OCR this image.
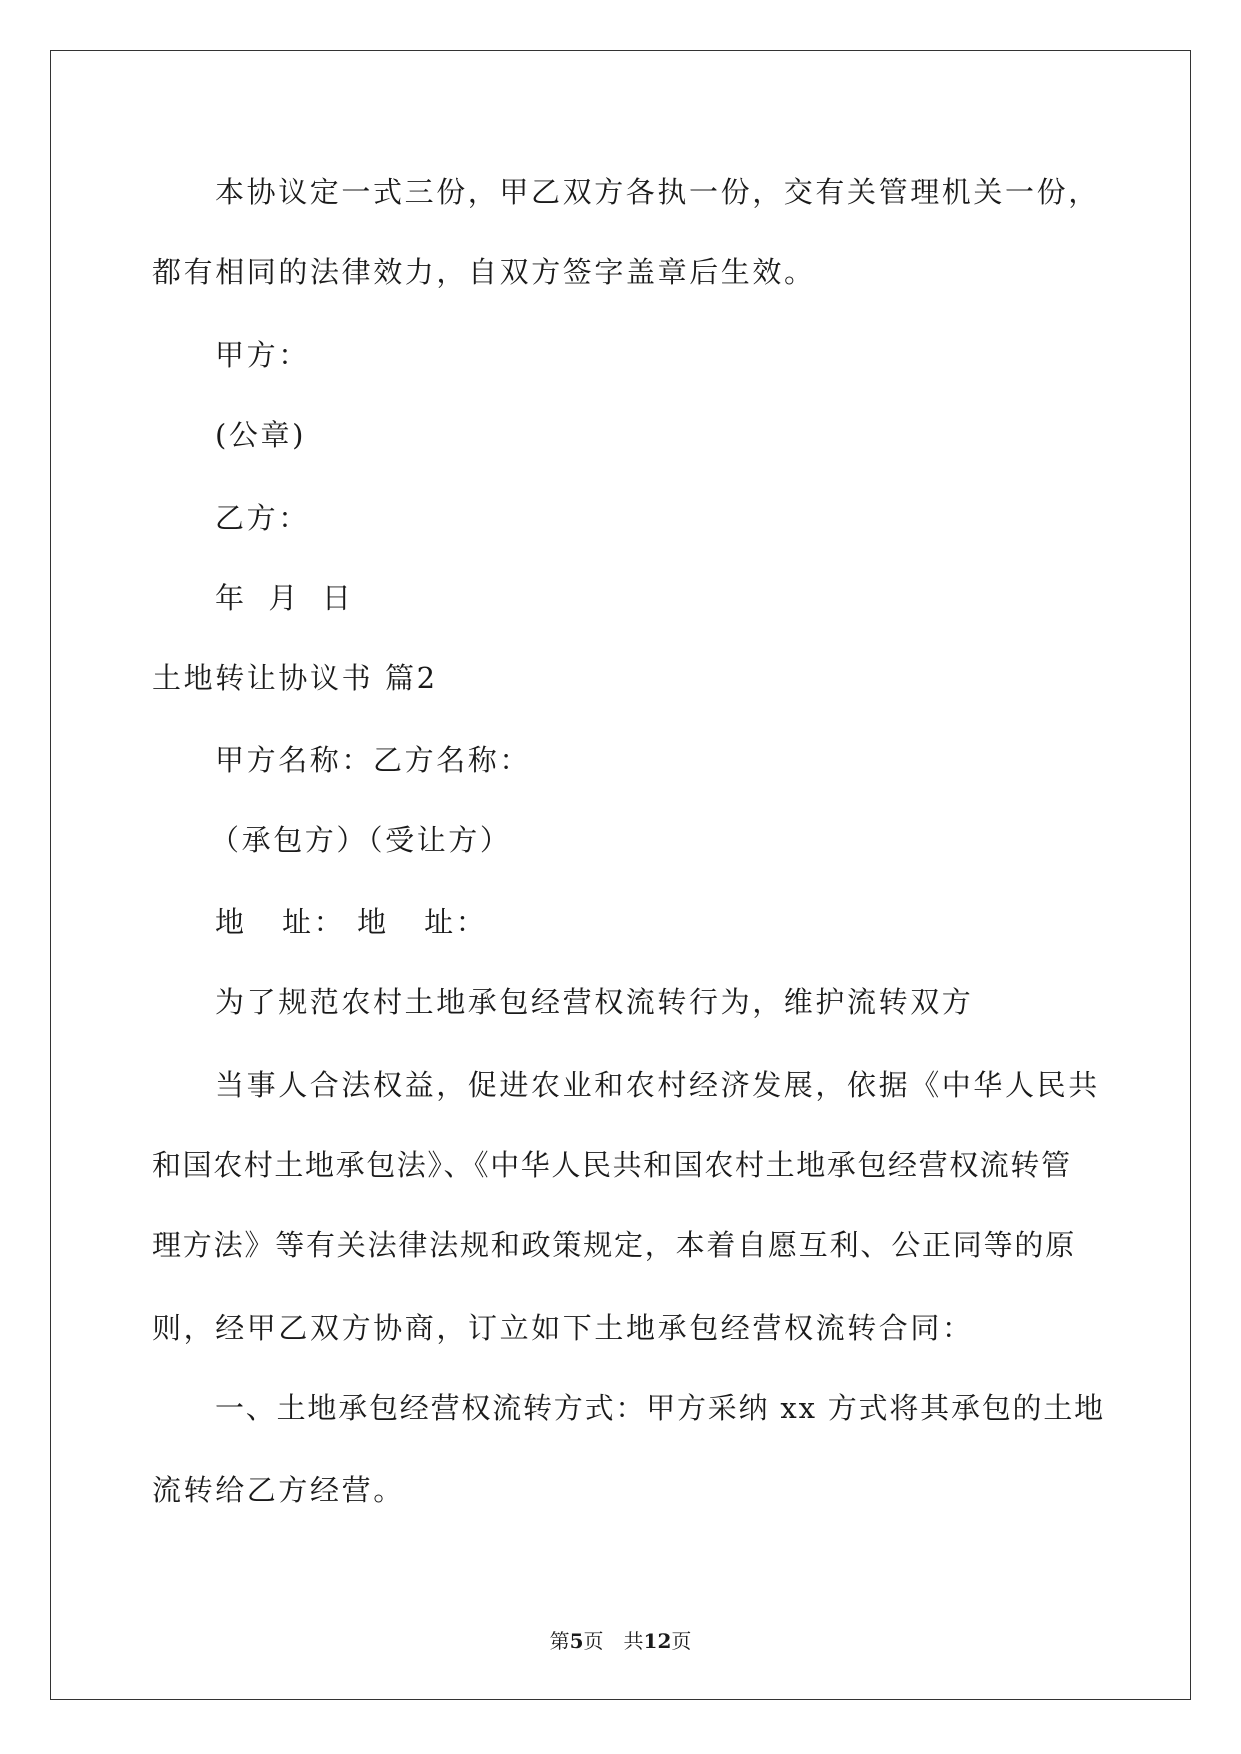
本协议定一式三份，甲乙双方各执一份，交有关管理机关一份，
都有相同的法律效力，自双方签字盖章后生效。
甲方：
(公章)
乙方：
年 月 日
土地转让协议书 篇2
甲方名称：乙方名称：
（承包方）（受让方）
地   址： 地   址：
为了规范农村土地承包经营权流转行为，维护流转双方
当事人合法权益，促进农业和农村经济发展，依据《中华人民共
和国农村土地承包法》、《中华人民共和国农村土地承包经营权流转管
理方法》等有关法律法规和政策规定，本着自愿互利、公正同等的原
则，经甲乙双方协商，订立如下土地承包经营权流转合同：
一、土地承包经营权流转方式：甲方采纳 xx 方式将其承包的土地
流转给乙方经营。
第5页 共12页
